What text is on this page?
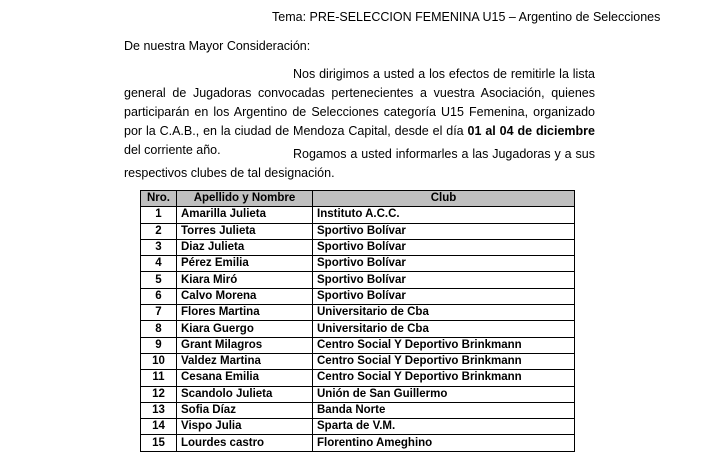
Tema: PRE-SELECCION FEMENINA U15 – Argentino de Selecciones
De nuestra Mayor Consideración:
Nos dirigimos a usted a los efectos de remitirle la lista general de Jugadoras convocadas pertenecientes a vuestra Asociación, quienes participarán en los Argentino de Selecciones categoría U15 Femenina, organizado por la C.A.B., en la ciudad de Mendoza Capital, desde el día 01 al 04 de diciembre del corriente año.	Rogamos a usted informarles a las Jugadoras y a sus respectivos clubes de tal designación.
Nro.	Apellido y Nombre	Club
1	Amarilla Julieta	Instituto A.C.C.
2	Torres Julieta	Sportivo Bolívar
3	Diaz Julieta	Sportivo Bolívar
4	Pérez Emilia	Sportivo Bolívar
5	Kiara Miró	Sportivo Bolívar
6	Calvo Morena	Sportivo Bolívar
7	Flores Martina	Universitario de Cba
8	Kiara Guergo	Universitario de Cba
9	Grant Milagros	Centro Social Y Deportivo Brinkmann
10	Valdez Martina	Centro Social Y Deportivo Brinkmann
11	Cesana Emilia	Centro Social Y Deportivo Brinkmann
12	Scandolo Julieta	Unión de San Guillermo
13	Sofia Díaz	Banda Norte
14	Vispo Julia	Sparta de V.M.
15	Lourdes castro	Florentino Ameghino
